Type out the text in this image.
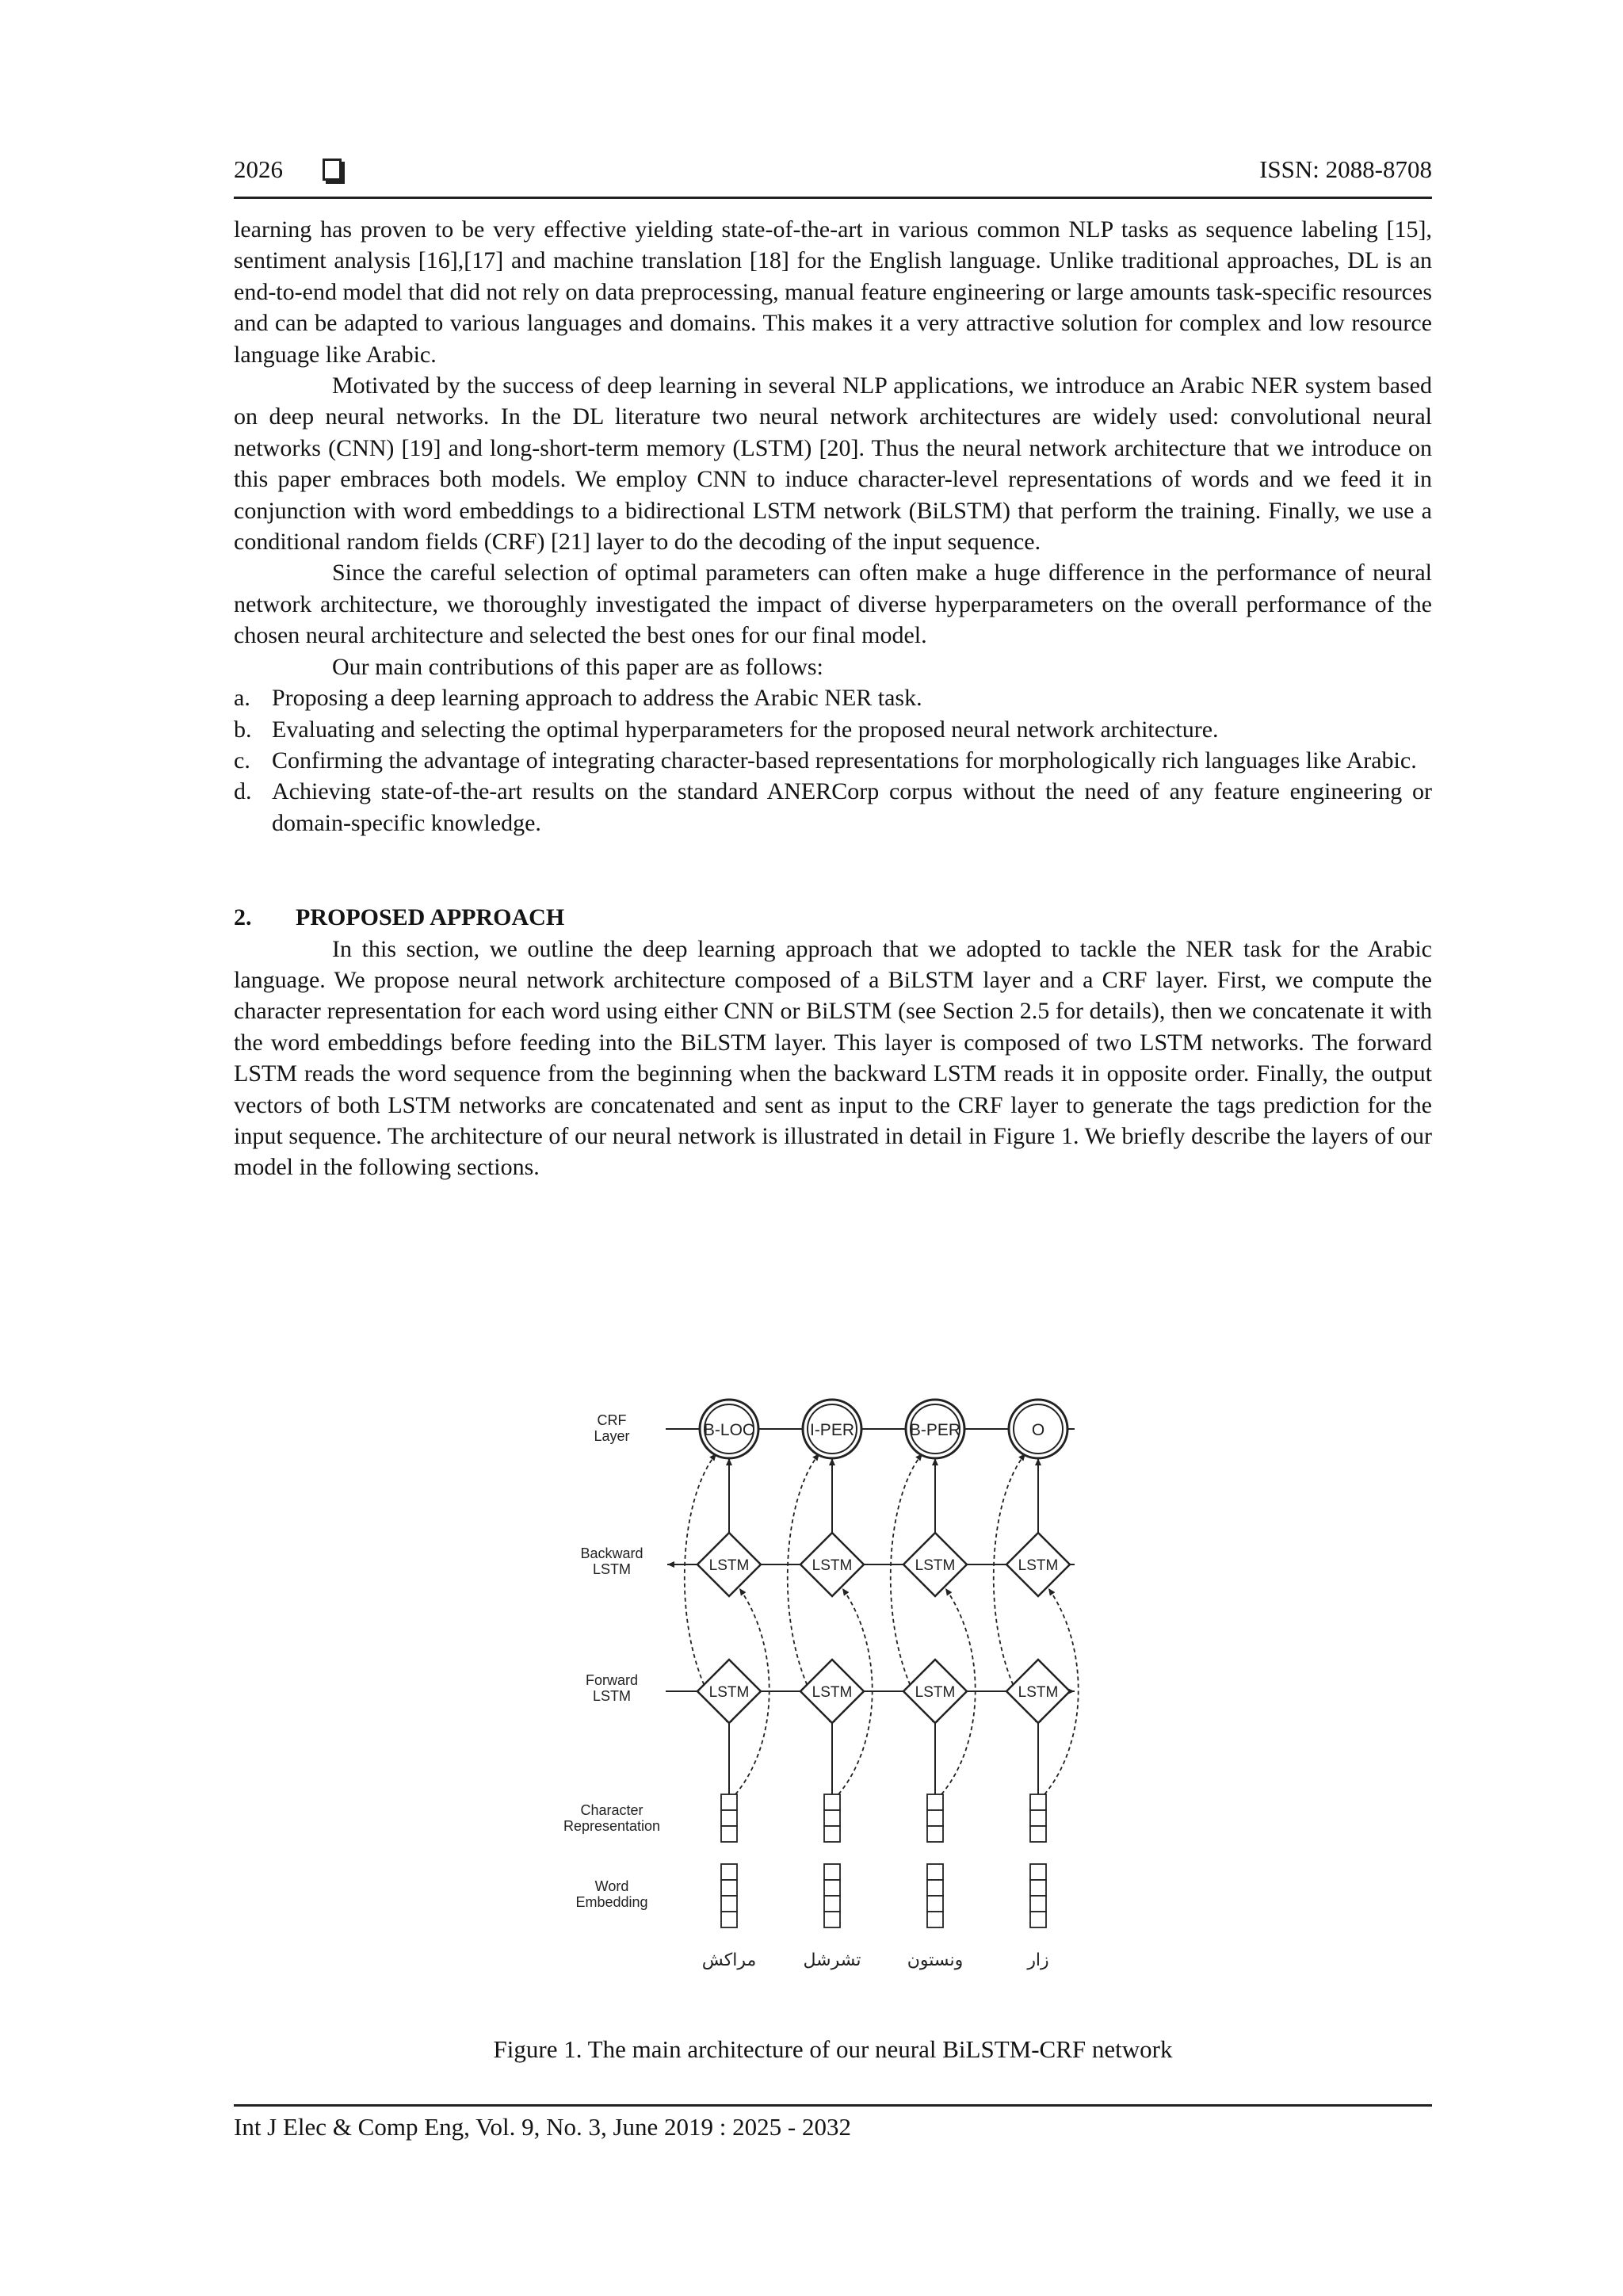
2026	ISSN: 2088-8708

learning has proven to be very effective yielding state-of-the-art in various common NLP tasks as sequence labeling [15], sentiment analysis [16],[17] and machine translation [18] for the English language. Unlike traditional approaches, DL is an end-to-end model that did not rely on data preprocessing, manual feature engineering or large amounts task-specific resources and can be adapted to various languages and domains. This makes it a very attractive solution for complex and low resource language like Arabic.

Motivated by the success of deep learning in several NLP applications, we introduce an Arabic NER system based on deep neural networks. In the DL literature two neural network architectures are widely used: convolutional neural networks (CNN) [19] and long-short-term memory (LSTM) [20]. Thus the neural network architecture that we introduce on this paper embraces both models. We employ CNN to induce character-level representations of words and we feed it in conjunction with word embeddings to a bidirectional LSTM network (BiLSTM) that perform the training. Finally, we use a conditional random fields (CRF) [21] layer to do the decoding of the input sequence.

Since the careful selection of optimal parameters can often make a huge difference in the performance of neural network architecture, we thoroughly investigated the impact of diverse hyperparameters on the overall performance of the chosen neural architecture and selected the best ones for our final model.

Our main contributions of this paper are as follows:

a. Proposing a deep learning approach to address the Arabic NER task.
b. Evaluating and selecting the optimal hyperparameters for the proposed neural network architecture.
c. Confirming the advantage of integrating character-based representations for morphologically rich languages like Arabic.
d. Achieving state-of-the-art results on the standard ANERCorp corpus without the need of any feature engineering or domain-specific knowledge.
2. PROPOSED APPROACH

In this section, we outline the deep learning approach that we adopted to tackle the NER task for the Arabic language. We propose neural network architecture composed of a BiLSTM layer and a CRF layer. First, we compute the character representation for each word using either CNN or BiLSTM (see Section 2.5 for details), then we concatenate it with the word embeddings before feeding into the BiLSTM layer. This layer is composed of two LSTM networks. The forward LSTM reads the word sequence from the beginning when the backward LSTM reads it in opposite order. Finally, the output vectors of both LSTM networks are concatenated and sent as input to the CRF layer to generate the tags prediction for the input sequence. The architecture of our neural network is illustrated in detail in Figure 1. We briefly describe the layers of our model in the following sections.

CRF
Layer
Backward
LSTM
Forward
LSTM
Character
Representation
Word
Embedding
B-LOC
LSTM
LSTM
مراكش
I-PER
LSTM
LSTM
تشرشل
B-PER
LSTM
LSTM
ونستون
O
LSTM
LSTM
زار
Figure 1. The main architecture of our neural BiLSTM-CRF network
Int J Elec & Comp Eng, Vol. 9, No. 3, June 2019 : 2025 - 2032
